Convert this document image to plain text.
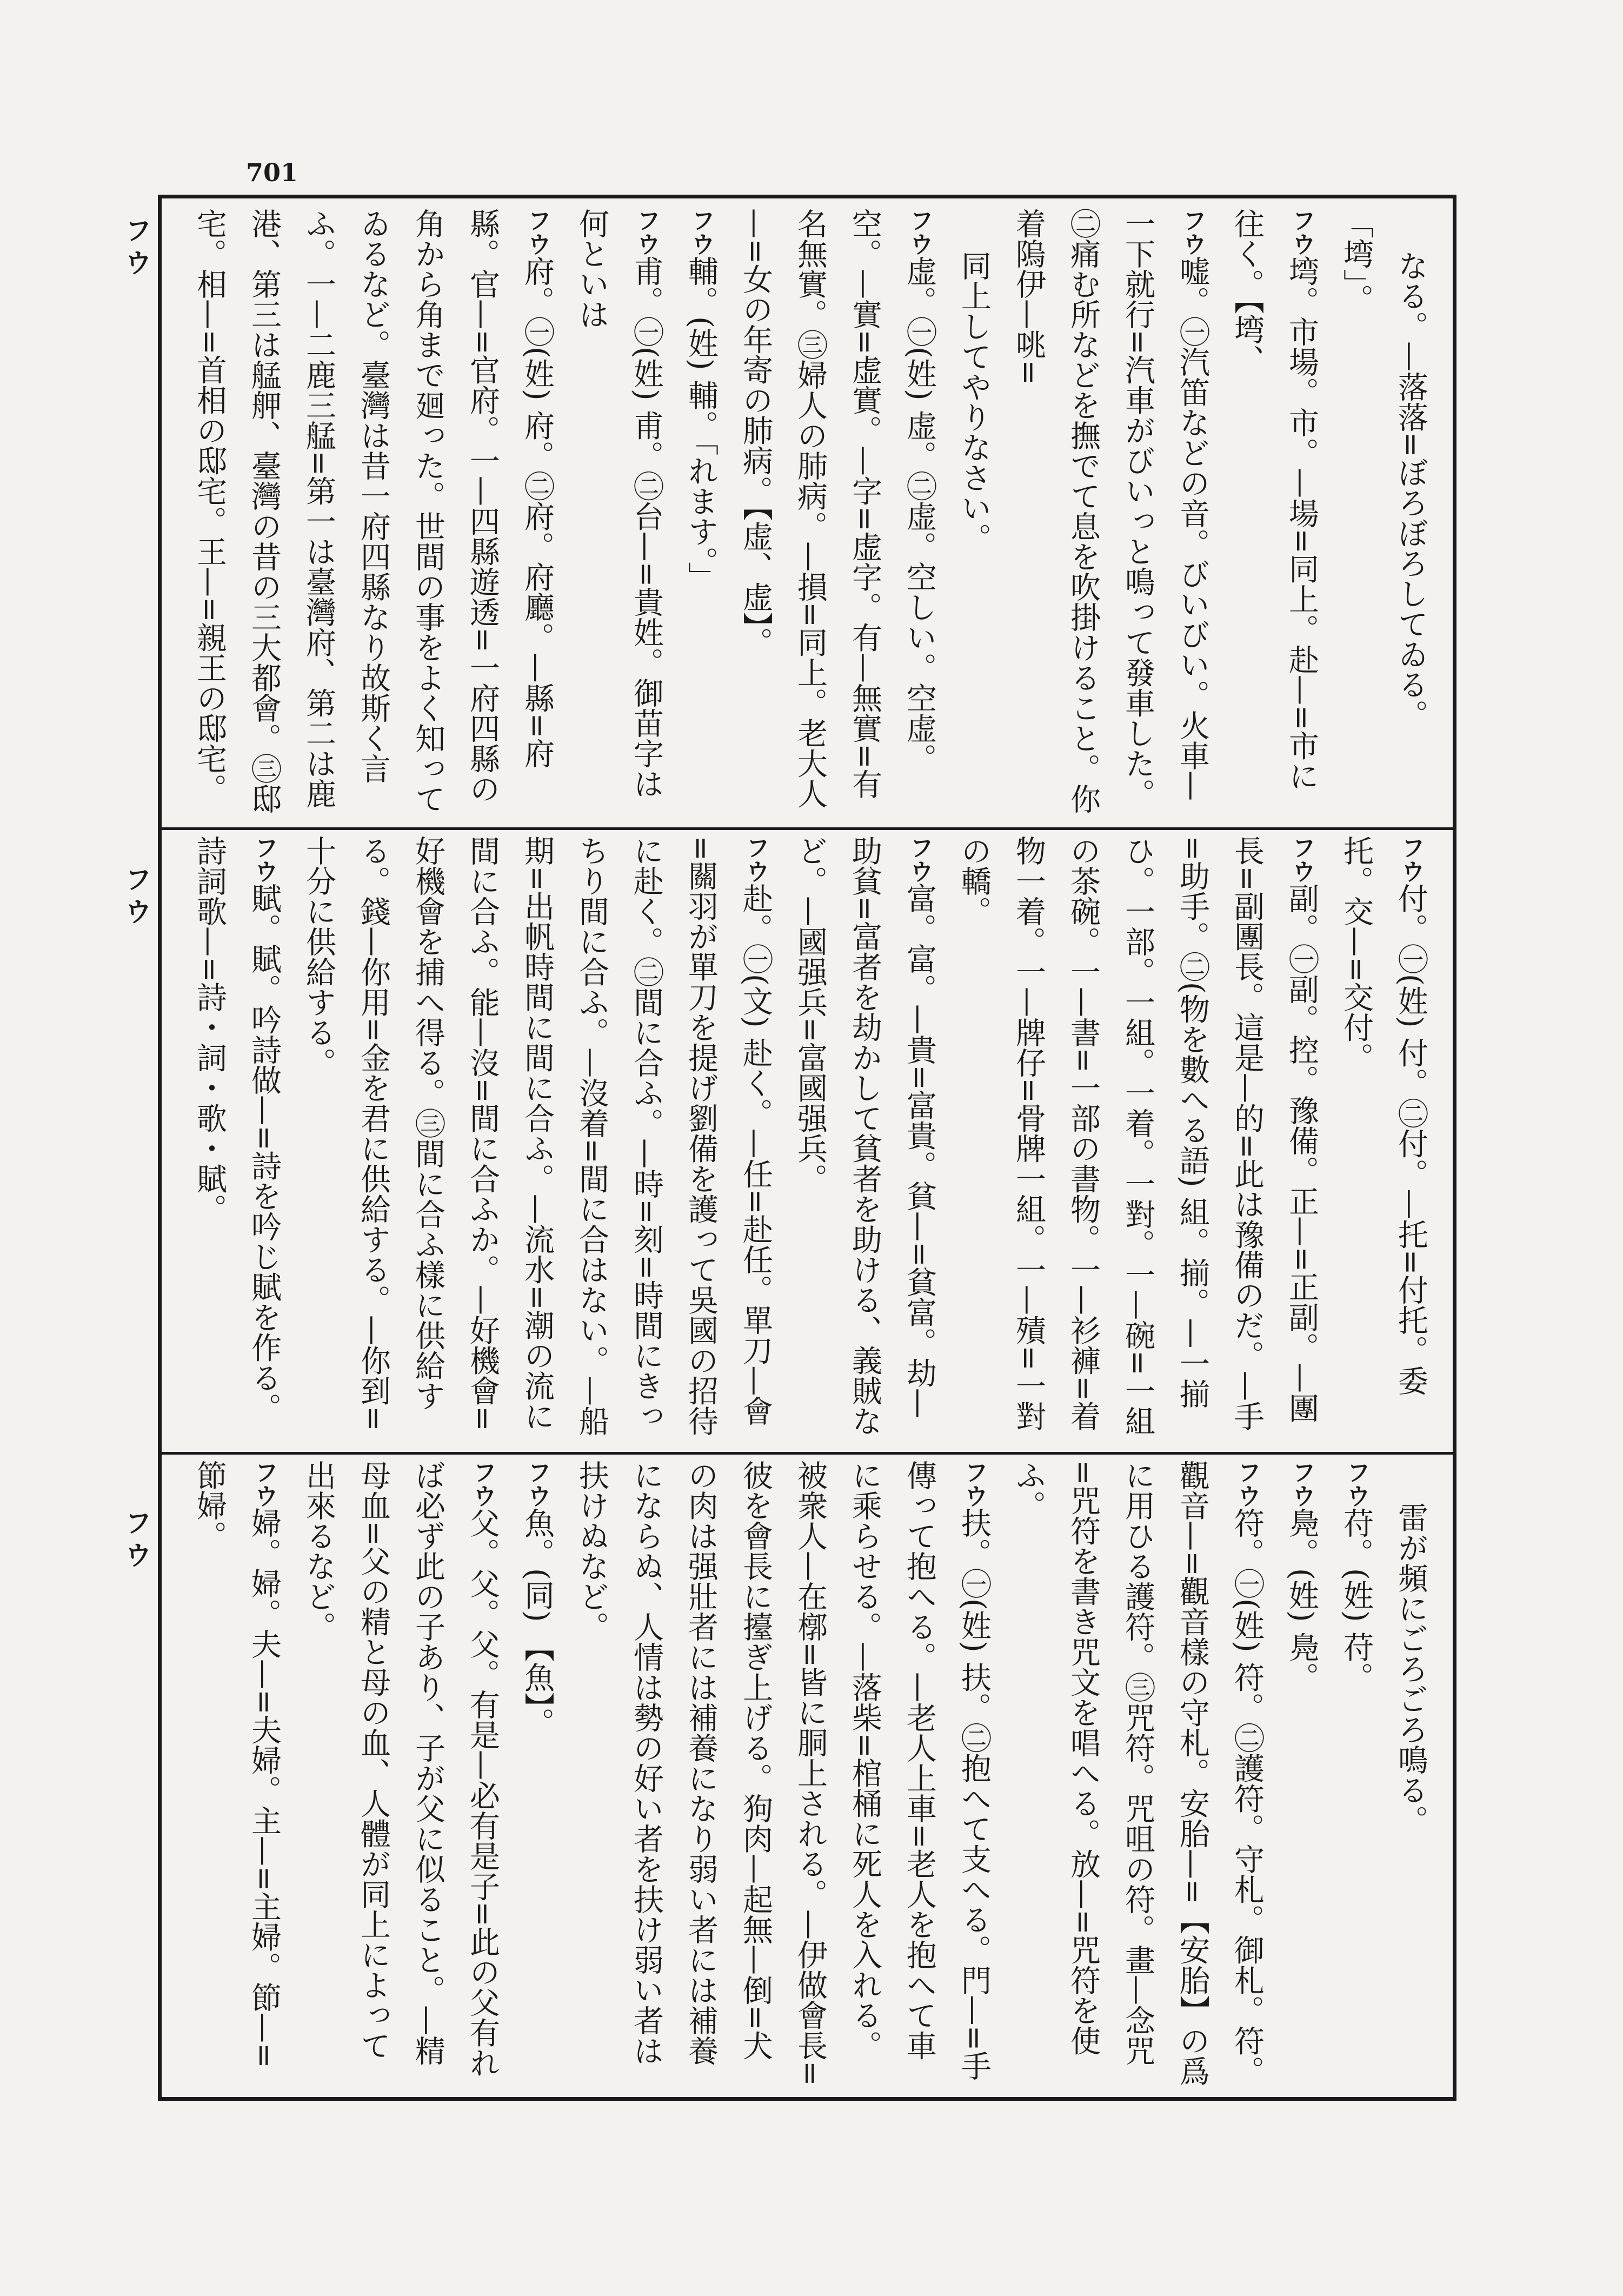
701
フウ
フウ
フウ

なる。—落落=ぼろぼろしてゐる。「塆」。

フウ塆。市場。市。—場=同上。赴—=市に往く。【塆、

フウ嘘。㊀汽笛などの音。びいびい。火車—一下就行=汽車がびいっと鳴って發車した。㊁痛む所などを撫でて息を吹掛けること。你着隖伊—咷=

同上してやりなさい。

フウ虚。㊀(姓) 虚。㊁虚。空しい。空虚。空。—實=虚實。—字=虚字。有—無實=有名無實。㊂婦人の肺病。—損=同上。老大人—=女の年寄の肺病。【虚、虚】。

フウ輔。(姓) 輔。「れます。」

フウ甫。㊀(姓) 甫。㊁台—=貴姓。御苗字は何といは

フウ府。㊀(姓) 府。㊁府。府廳。—縣=府縣。官—=官府。一—四縣遊透=一府四縣の角から角まで廻った。世間の事をよく知ってゐるなど。臺灣は昔一府四縣なり故斯く言ふ。一—二鹿三艋=第一は臺灣府、第二は鹿港、第三は艋舺、臺灣の昔の三大都會。㊂邸宅。相—=首相の邸宅。王—=親王の邸宅。

フウ付。㊀(姓) 付。㊁付。—托=付托。委托。交—=交付。

フウ副。㊀副。控。豫備。正—=正副。—團長=副團長。這是—的=此は豫備のだ。—手=助手。㊁(物を數へる語) 組。揃。—一揃ひ。一部。一組。一着。一對。一—碗=一組の茶碗。一—書=一部の書物。一—衫褲=着物一着。一—牌仔=骨牌一組。一—㱴=一對の轎。

フウ富。富。—貴=富貴。貧—=貧富。劫—助貧=富者を劫かして貧者を助ける、義賊など。—國强兵=富國强兵。

フウ赴。㊀(文) 赴く。—任=赴任。單刀—會=關羽が單刀を提げ劉備を護って吳國の招待に赴く。㊁間に合ふ。—時=刻=時間にきっちり間に合ふ。—沒着=間に合はない。—船期=出帆時間に間に合ふ。—流水=潮の流に間に合ふ。能—沒=間に合ふか。—好機會=好機會を捕へ得る。㊂間に合ふ樣に供給する。錢—你用=金を君に供給する。—你到=十分に供給する。

フウ賦。賦。吟詩做—=詩を吟じ賦を作る。詩詞歌—=詩・詞・歌・賦。

雷が頻にごろごろ鳴る。

フウ苻。(姓) 苻。

フウ鳧。(姓) 鳧。

フウ符。㊀(姓) 符。㊁護符。守札。御札。符。觀音—=觀音樣の守札。安胎—=【安胎】の爲に用ひる護符。㊂咒符。咒咀の符。畫—念咒=咒符を書き咒文を唱へる。放—=咒符を使ふ。

フウ扶。㊀(姓) 扶。㊁抱へて支へる。門—=手傳って抱へる。—老人上車=老人を抱へて車に乘らせる。—落柴=棺桶に死人を入れる。被衆人—在槨=皆に胴上される。—伊做會長=彼を會長に擡ぎ上げる。狗肉—起無—倒=犬の肉は强壯者には補養になり弱い者には補養にならぬ、人情は勢の好い者を扶け弱い者は扶けぬなど。

フウ魚。(同) 【魚】。

フウ父。父。父。有是—必有是子=此の父有れば必ず此の子あり、子が父に似ること。—精母血=父の精と母の血、人體が同上によって出來るなど。

フウ婦。婦。夫—=夫婦。主—=主婦。節—=節婦。
